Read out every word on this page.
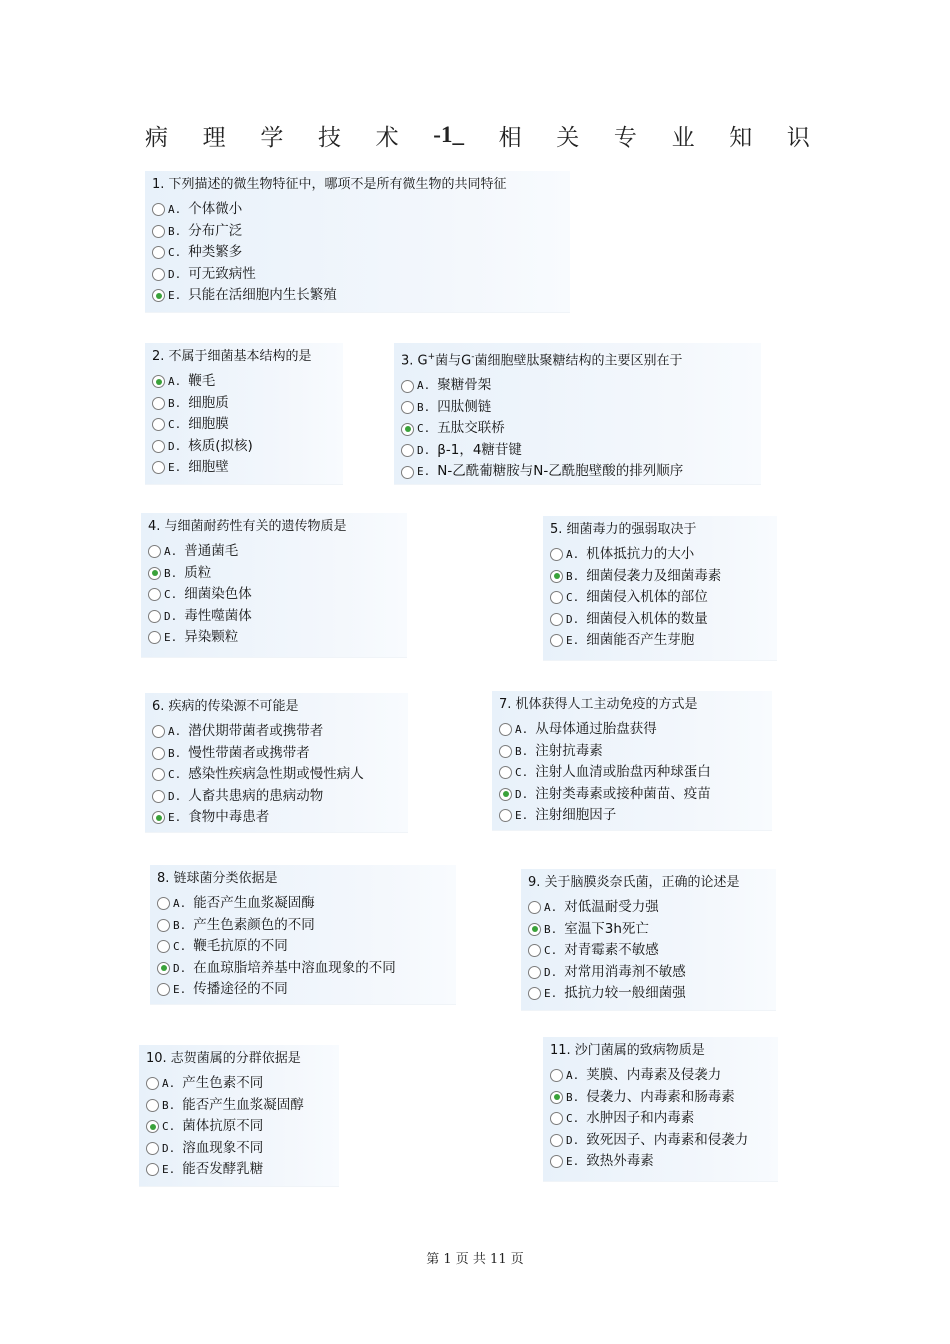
病 理 学 技 术 -1_ 相 关 专 业 知 识
1. 下列描述的微生物特征中，哪项不是所有微生物的共同特征
A. 个体微小
B. 分布广泛
C. 种类繁多
D. 可无致病性
E. 只能在活细胞内生长繁殖
2. 不属于细菌基本结构的是
A. 鞭毛
B. 细胞质
C. 细胞膜
D. 核质(拟核)
E. 细胞壁
3. G+菌与G-菌细胞壁肽聚糖结构的主要区别在于
A. 聚糖骨架
B. 四肽侧链
C. 五肽交联桥
D. β-1，4糖苷键
E. N-乙酰葡糖胺与N-乙酰胞壁酸的排列顺序
4. 与细菌耐药性有关的遗传物质是
A. 普通菌毛
B. 质粒
C. 细菌染色体
D. 毒性噬菌体
E. 异染颗粒
5. 细菌毒力的强弱取决于
A. 机体抵抗力的大小
B. 细菌侵袭力及细菌毒素
C. 细菌侵入机体的部位
D. 细菌侵入机体的数量
E. 细菌能否产生芽胞
6. 疾病的传染源不可能是
A. 潜伏期带菌者或携带者
B. 慢性带菌者或携带者
C. 感染性疾病急性期或慢性病人
D. 人畜共患病的患病动物
E. 食物中毒患者
7. 机体获得人工主动免疫的方式是
A. 从母体通过胎盘获得
B. 注射抗毒素
C. 注射人血清或胎盘丙种球蛋白
D. 注射类毒素或接种菌苗、疫苗
E. 注射细胞因子
8. 链球菌分类依据是
A. 能否产生血浆凝固酶
B. 产生色素颜色的不同
C. 鞭毛抗原的不同
D. 在血琼脂培养基中溶血现象的不同
E. 传播途径的不同
9. 关于脑膜炎奈氏菌，正确的论述是
A. 对低温耐受力强
B. 室温下3h死亡
C. 对青霉素不敏感
D. 对常用消毒剂不敏感
E. 抵抗力较一般细菌强
10. 志贺菌属的分群依据是
A. 产生色素不同
B. 能否产生血浆凝固醇
C. 菌体抗原不同
D. 溶血现象不同
E. 能否发酵乳糖
11. 沙门菌属的致病物质是
A. 荚膜、内毒素及侵袭力
B. 侵袭力、内毒素和肠毒素
C. 水肿因子和内毒素
D. 致死因子、内毒素和侵袭力
E. 致热外毒素
第 1 页 共 11 页
